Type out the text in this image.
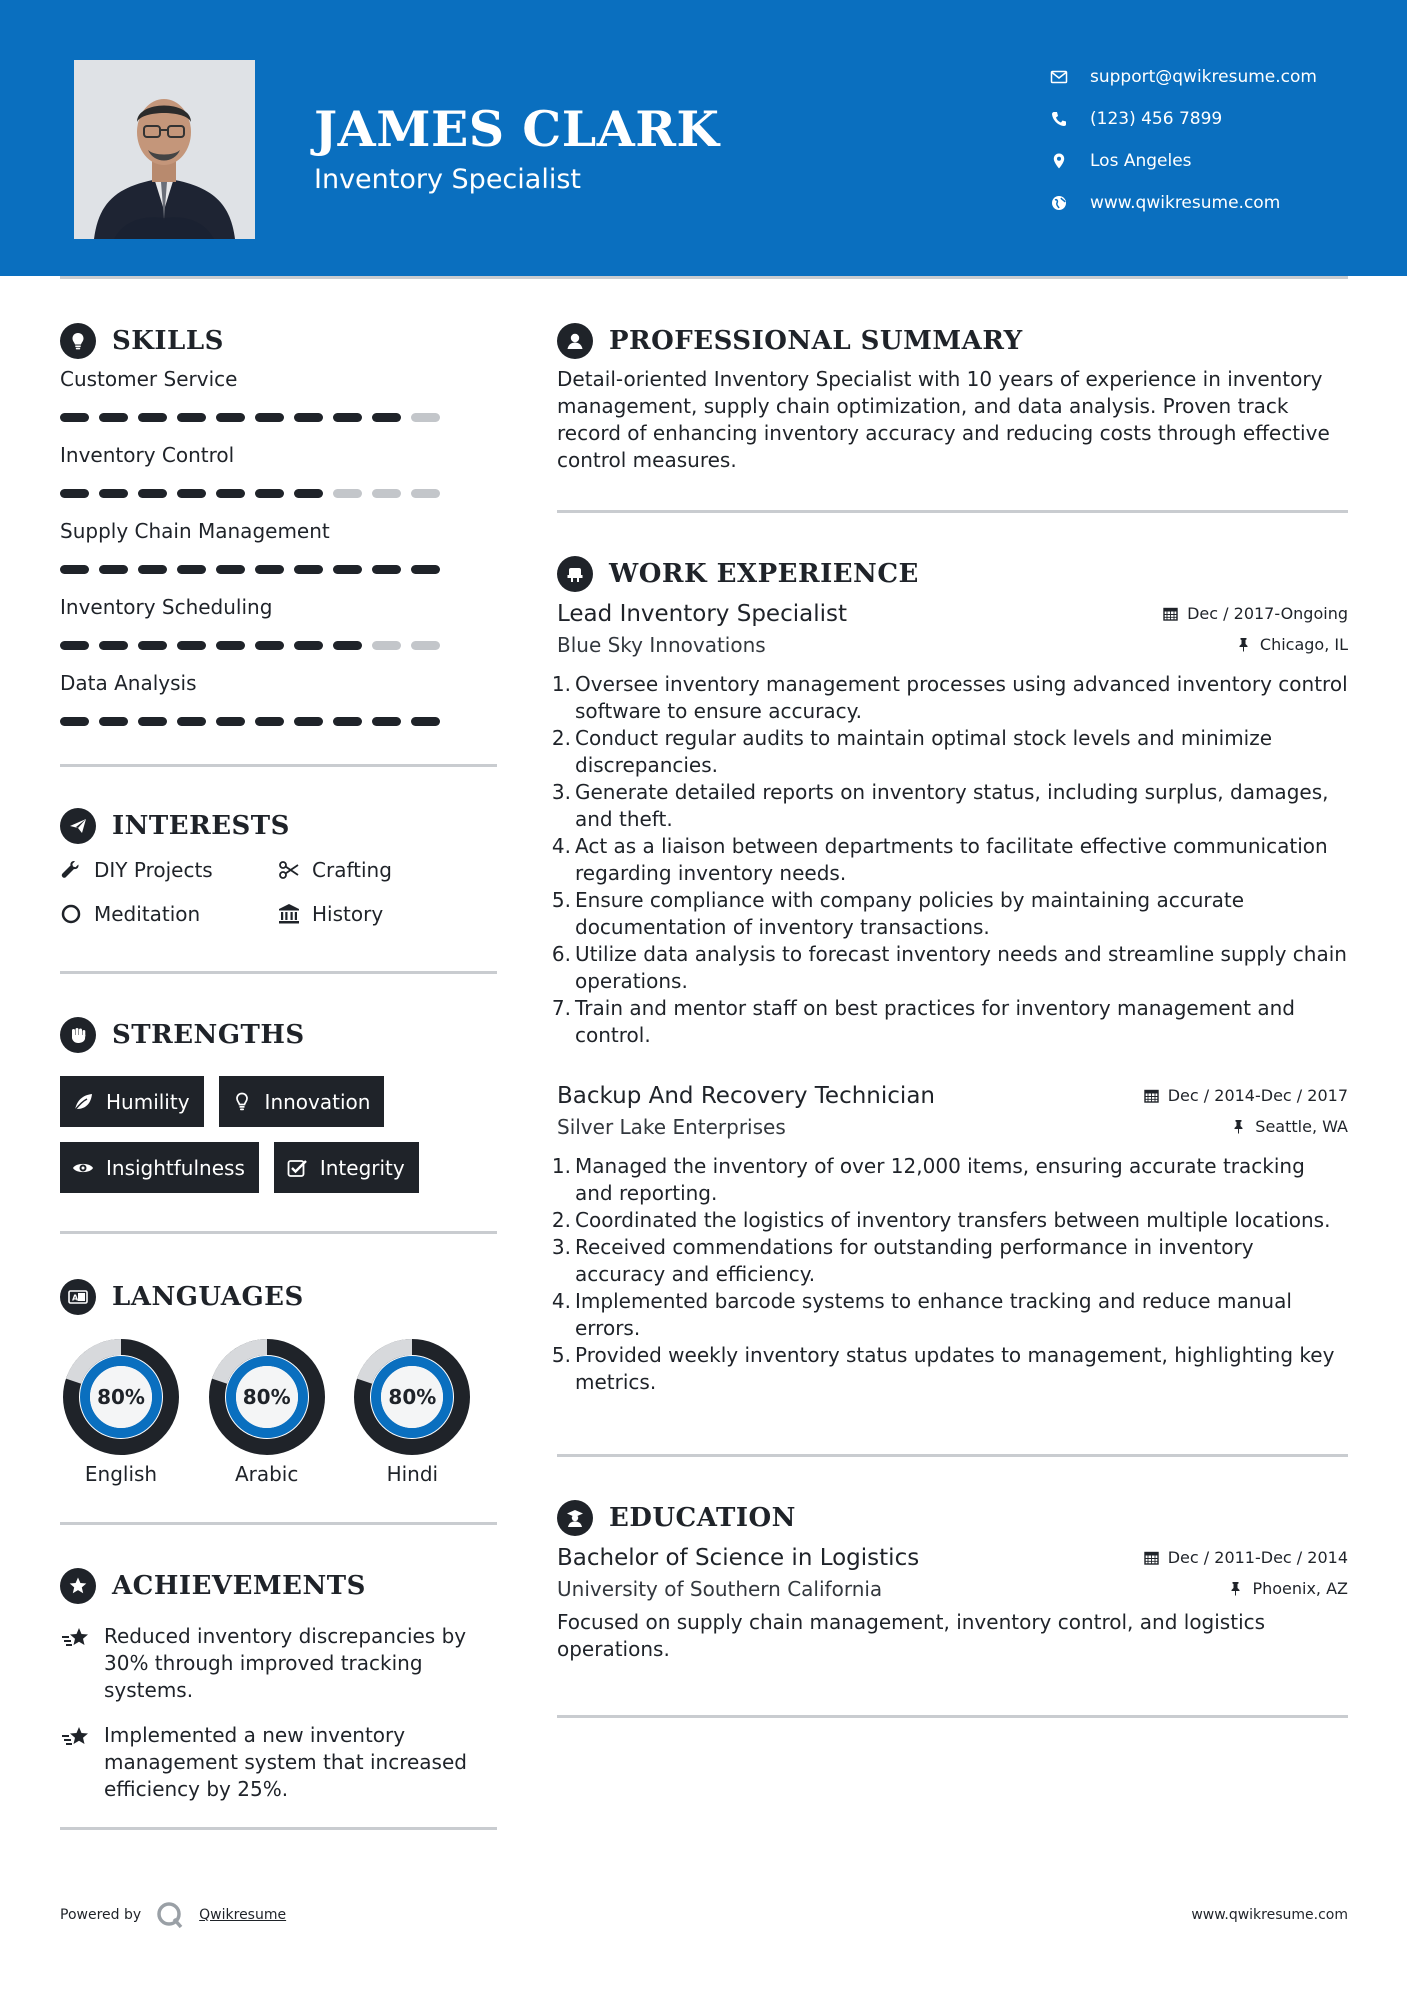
JAMES CLARK
Inventory Specialist
support@qwikresume.com
(123) 456 7899
Los Angeles
www.qwikresume.com
SKILLS
Customer Service
Inventory Control
Supply Chain Management
Inventory Scheduling
Data Analysis
INTERESTS
DIY Projects	Crafting
Meditation	History
STRENGTHS
Humility	Innovation
Insightfulness	Integrity
A LANGUAGES
80%
English
80%
Arabic
80%
Hindi
ACHIEVEMENTS

Reduced inventory discrepancies by 30% through improved tracking systems.

Implemented a new inventory management system that increased efficiency by 25%.

PROFESSIONAL SUMMARY

Detail-oriented Inventory Specialist with 10 years of experience in inventory management, supply chain optimization, and data analysis. Proven track record of enhancing inventory accuracy and reducing costs through effective control measures.

WORK EXPERIENCE
Lead Inventory Specialist	Dec / 2017-Ongoing
Blue Sky Innovations	Chicago, IL
Oversee inventory management processes using advanced inventory control software to ensure accuracy.
Conduct regular audits to maintain optimal stock levels and minimize discrepancies.
Generate detailed reports on inventory status, including surplus, damages, and theft.
Act as a liaison between departments to facilitate effective communication regarding inventory needs.
Ensure compliance with company policies by maintaining accurate documentation of inventory transactions.
Utilize data analysis to forecast inventory needs and streamline supply chain operations.
Train and mentor staff on best practices for inventory management and control.
Backup And Recovery Technician	Dec / 2014-Dec / 2017
Silver Lake Enterprises	Seattle, WA
Managed the inventory of over 12,000 items, ensuring accurate tracking and reporting.
Coordinated the logistics of inventory transfers between multiple locations.
Received commendations for outstanding performance in inventory accuracy and efficiency.
Implemented barcode systems to enhance tracking and reduce manual errors.
Provided weekly inventory status updates to management, highlighting key metrics.
EDUCATION
Bachelor of Science in Logistics	Dec / 2011-Dec / 2014
University of Southern California	Phoenix, AZ

Focused on supply chain management, inventory control, and logistics operations.

Powered by	Qwikresume	www.qwikresume.com
